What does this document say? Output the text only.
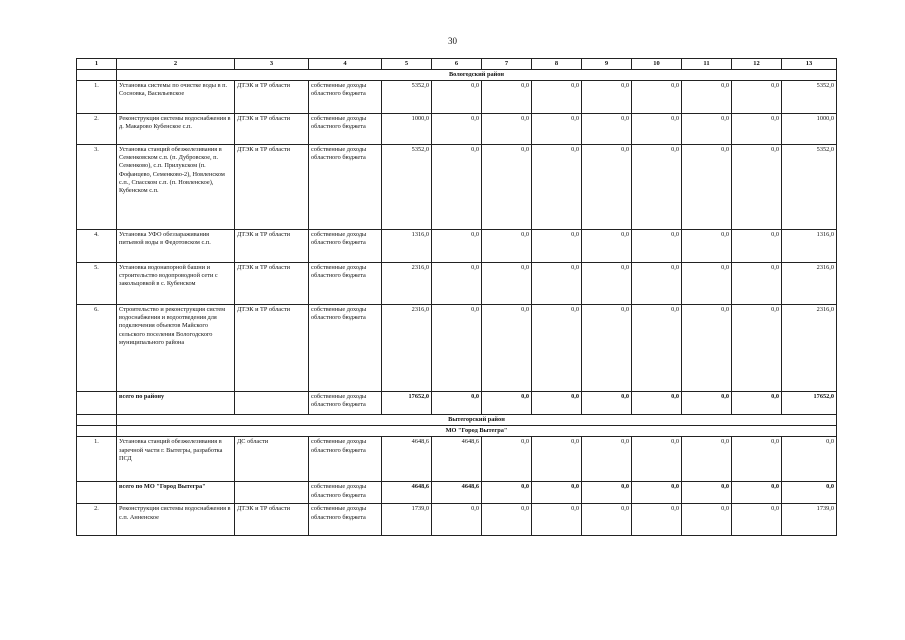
30
1	2	3	4	5	6	7	8	9	10	11	12	13
	Вологодский район											
1.	Установка системы по очистке воды в п. Сосновка, Васильевское	ДТЭК и ТР области	собственные доходы областного бюджета	5352,0	0,0	0,0	0,0	0,0	0,0	0,0	0,0	5352,0
2.	Реконструкция системы водоснабжения в д. Макарово Кубенское с.п.	ДТЭК и ТР области	собственные доходы областного бюджета	1000,0	0,0	0,0	0,0	0,0	0,0	0,0	0,0	1000,0
3.	Установка станций обезжелезивания в Семенковском с.п. (п. Дубровское, п. Семенково), с.п. Прилукском (п. Фофанцево, Семенково-2), Новленском с.п., Спасском с.п. (п. Новленское), Кубенском с.п.	ДТЭК и ТР области	собственные доходы областного бюджета	5352,0	0,0	0,0	0,0	0,0	0,0	0,0	0,0	5352,0
4.	Установка УФО обеззараживания питьевой воды в Федотовском с.п.	ДТЭК и ТР области	собственные доходы областного бюджета	1316,0	0,0	0,0	0,0	0,0	0,0	0,0	0,0	1316,0
5.	Установка водонапорной башни и строительство водопроводной сети с закольцовкой в с. Кубенском	ДТЭК и ТР области	собственные доходы областного бюджета	2316,0	0,0	0,0	0,0	0,0	0,0	0,0	0,0	2316,0
6.	Строительство и реконструкция систем водоснабжения и водоотведения для подключения объектов Майского сельского поселения Вологодского муниципального района	ДТЭК и ТР области	собственные доходы областного бюджета	2316,0	0,0	0,0	0,0	0,0	0,0	0,0	0,0	2316,0
	всего по району		собственные доходы областного бюджета	17652,0	0,0	0,0	0,0	0,0	0,0	0,0	0,0	17652,0
	Вытегорский район											
	МО "Город Вытегра"											
1.	Установка станций обезжелезивания в заречной части г. Вытегры, разработка ПСД	ДС области	собственные доходы областного бюджета	4648,6	4648,6	0,0	0,0	0,0	0,0	0,0	0,0	0,0
	всего по МО "Город Вытегра"		собственные доходы областного бюджета	4648,6	4648,6	0,0	0,0	0,0	0,0	0,0	0,0	0,0
2.	Реконструкция системы водоснабжения в с.п. Анненское	ДТЭК и ТР области	собственные доходы областного бюджета	1739,0	0,0	0,0	0,0	0,0	0,0	0,0	0,0	1739,0
